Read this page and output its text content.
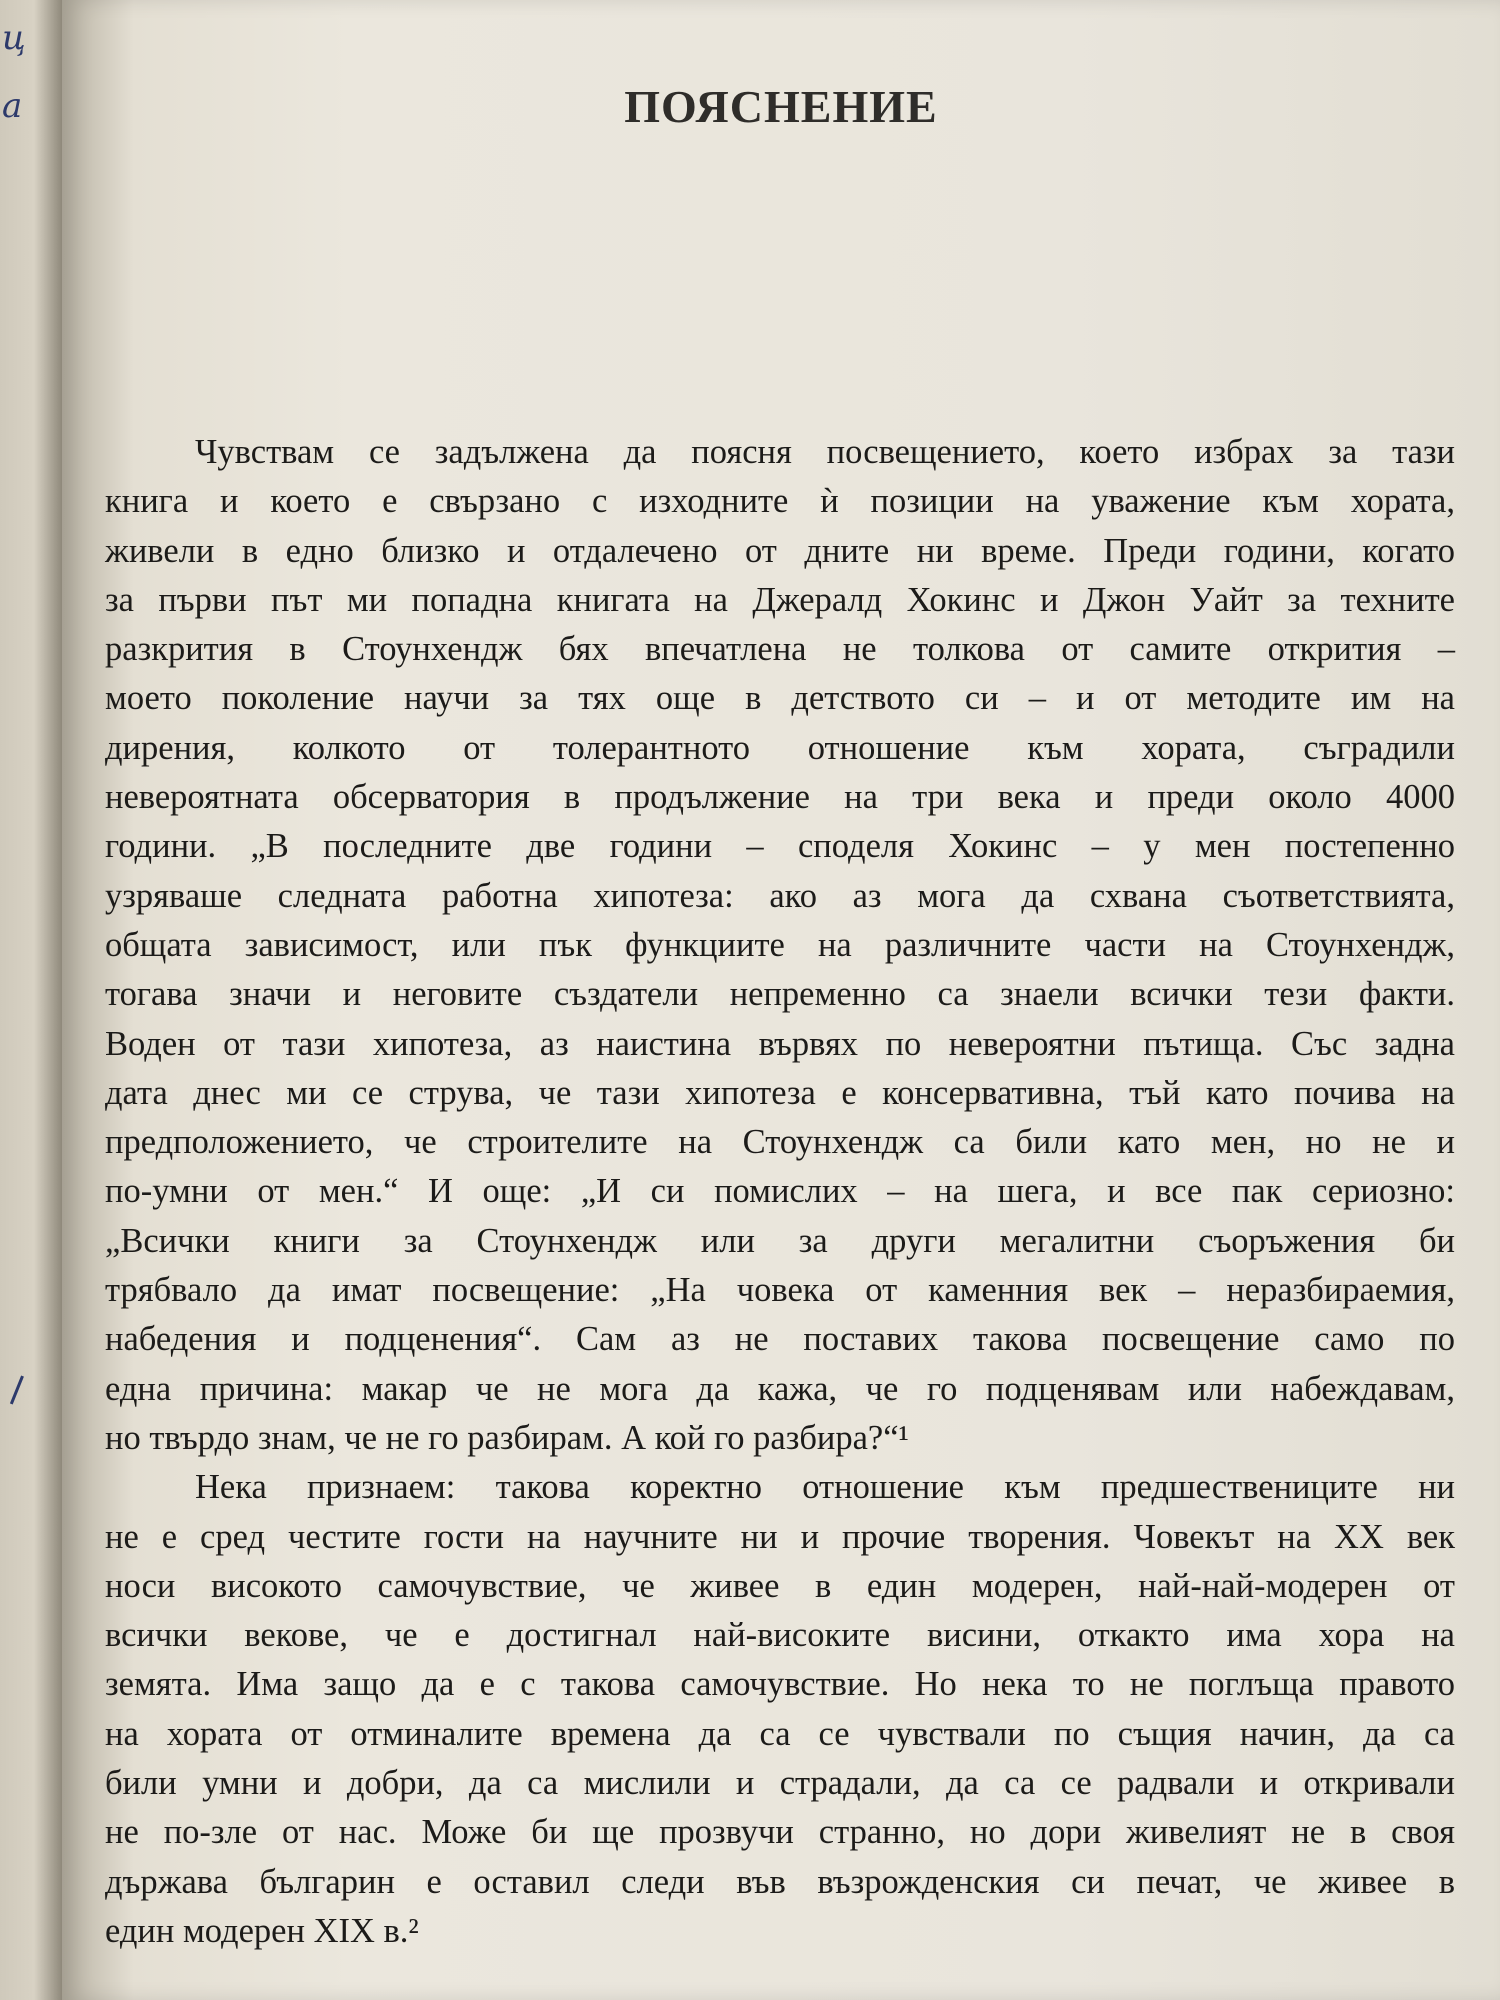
ц
а	ПОЯСНЕНИЕ

Чувствам се задължена да поясня посвещението, което избрах за тази
книга и което е свързано с изходните ѝ позиции на уважение към хората,
живели в едно близко и отдалечено от дните ни време. Преди години, когато
за първи път ми попадна книгата на Джералд Хокинс и Джон Уайт за техните
разкрития в Стоунхендж бях впечатлена не толкова от самите открития –
моето поколение научи за тях още в детството си – и от методите им на
дирения, колкото от толерантното отношение към хората, съградили
невероятната обсерватория в продължение на три века и преди около 4000
години. „В последните две години – споделя Хокинс – у мен постепенно
узряваше следната работна хипотеза: ако аз мога да схвана съответствията,
общата зависимост, или пък функциите на различните части на Стоунхендж,
тогава значи и неговите създатели непременно са знаели всички тези факти.
Воден от тази хипотеза, аз наистина вървях по невероятни пътища. Със задна
дата днес ми се струва, че тази хипотеза е консервативна, тъй като почива на
предположението, че строителите на Стоунхендж са били като мен, но не и
по-умни от мен.“ И още: „И си помислих – на шега, и все пак сериозно:
„Всички книги за Стоунхендж или за други мегалитни съоръжения би
трябвало да имат посвещение: „На човека от каменния век – неразбираемия,
набедения и подценения“. Сам аз не поставих такова посвещение само по
една причина: макар че не мога да кажа, че го подценявам или набеждавам,
но твърдо знам, че не го разбирам. А кой го разбира?“¹

Нека признаем: такова коректно отношение към предшествениците ни
не е сред честите гости на научните ни и прочие творения. Човекът на XX век
носи високото самочувствие, че живее в един модерен, най-най-модерен от
всички векове, че е достигнал най-високите висини, откакто има хора на
земята. Има защо да е с такова самочувствие. Но нека то не поглъща правото
на хората от отминалите времена да са се чувствали по същия начин, да са
били умни и добри, да са мислили и страдали, да са се радвали и откривали
не по-зле от нас. Може би ще прозвучи странно, но дори живелият не в своя
държава българин е оставил следи във възрожденския си печат, че живее в
един модерен XIX в.²
